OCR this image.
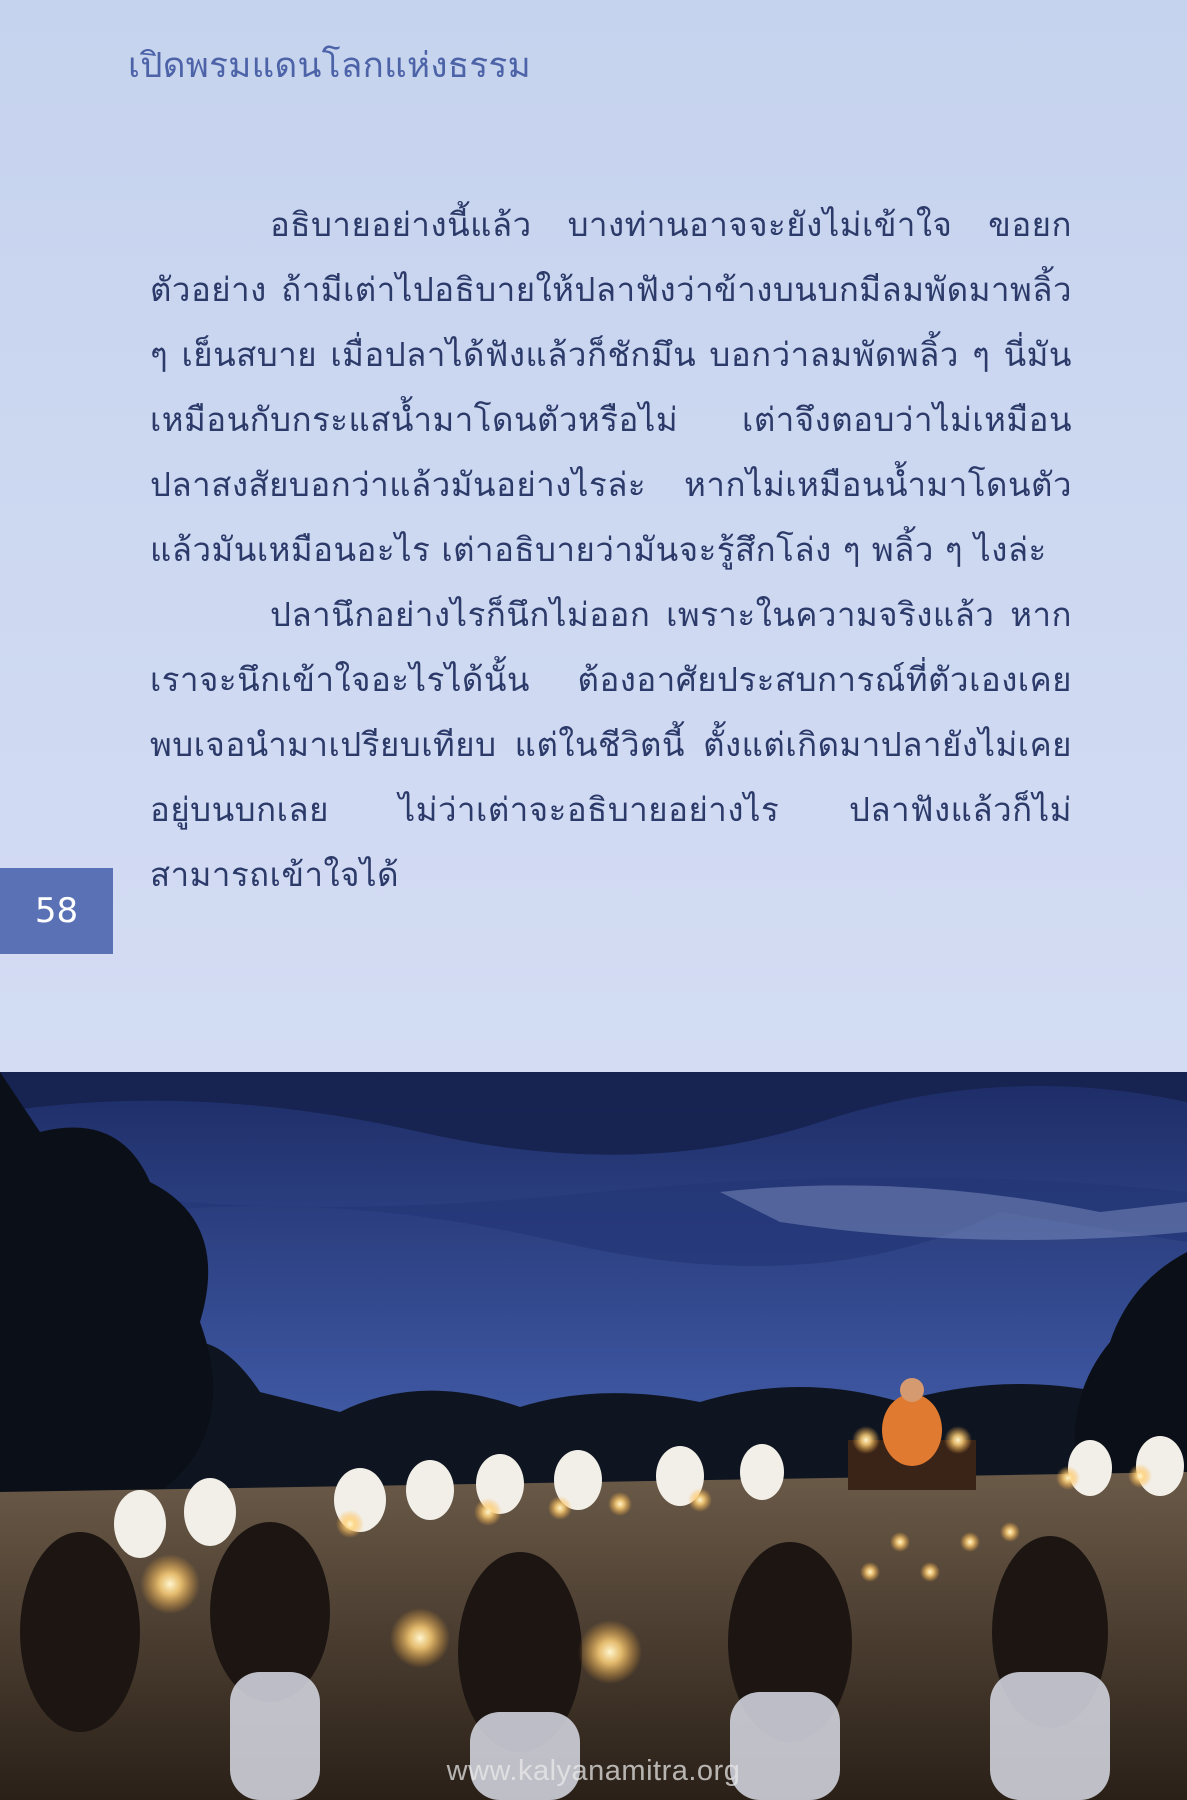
เปิดพรมแดนโลกแห่งธรรม

อธิบายอย่างนี้แล้ว บางท่านอาจจะยังไม่เข้าใจ ขอยกตัวอย่าง ถ้ามีเต่าไปอธิบายให้ปลาฟังว่าข้างบนบกมีลมพัดมาพลิ้ว ๆ เย็นสบาย เมื่อปลาได้ฟังแล้วก็ชักมึน บอกว่าลมพัดพลิ้ว ๆ นี่มันเหมือนกับกระแสน้ำมาโดนตัวหรือไม่ เต่าจึงตอบว่าไม่เหมือน ปลาสงสัยบอกว่าแล้วมันอย่างไรล่ะ หากไม่เหมือนน้ำมาโดนตัวแล้วมันเหมือนอะไร เต่าอธิบายว่ามันจะรู้สึกโล่ง ๆ พลิ้ว ๆ ไงล่ะ

ปลานึกอย่างไรก็นึกไม่ออก เพราะในความจริงแล้ว หากเราจะนึกเข้าใจอะไรได้นั้น ต้องอาศัยประสบการณ์ที่ตัวเองเคยพบเจอนำมาเปรียบเทียบ แต่ในชีวิตนี้ ตั้งแต่เกิดมาปลายังไม่เคยอยู่บนบกเลย ไม่ว่าเต่าจะอธิบายอย่างไร ปลาฟังแล้วก็ไม่สามารถเข้าใจได้

58
www.kalyanamitra.org
